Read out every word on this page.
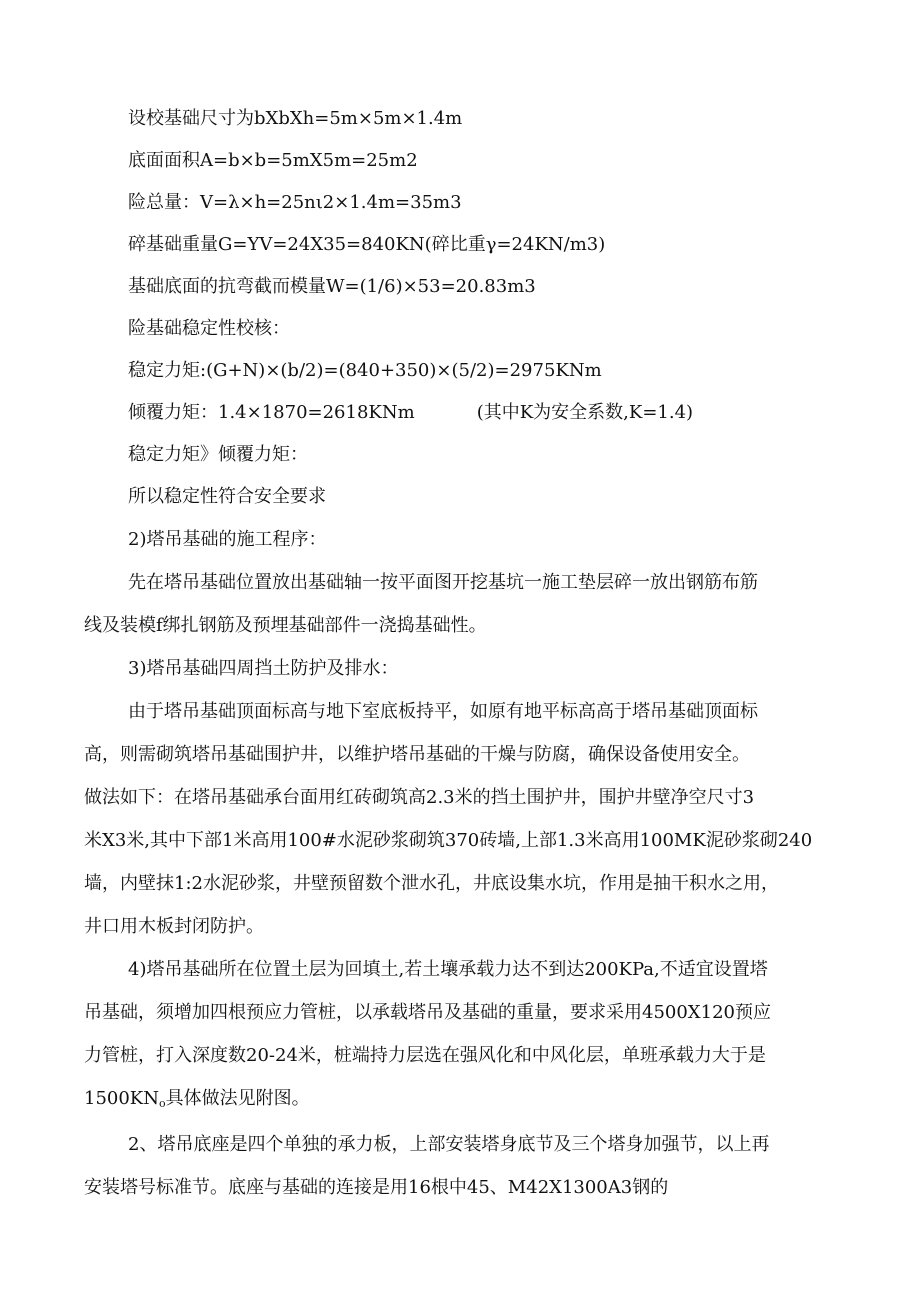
设校基础尺寸为bXbXh=5m×5m×1.4m
底面面积A=b×b=5mX5m=25m2
险总量：V=λ×h=25nι2×1.4m=35m3
碎基础重量G=YV=24X35=840KN(碎比重γ=24KN/m3)
基础底面的抗弯截而模量W=(1/6)×53=20.83m3
险基础稳定性校核：
稳定力矩:(G+N)×(b/2)=(840+350)×(5/2)=2975KNm
倾覆力矩：1.4×1870=2618KNm	(其中K为安全系数,K=1.4)
稳定力矩》倾覆力矩：
所以稳定性符合安全要求
2)塔吊基础的施工程序：
先在塔吊基础位置放出基础轴一按平面图开挖基坑一施工垫层碎一放出钢筋布筋
线及装模f绑扎钢筋及预埋基础部件一浇捣基础性。
3)塔吊基础四周挡土防护及排水：
由于塔吊基础顶面标高与地下室底板持平，如原有地平标高高于塔吊基础顶面标
高，则需砌筑塔吊基础围护井，以维护塔吊基础的干燥与防腐，确保设备使用安全。
做法如下：在塔吊基础承台面用红砖砌筑高2.3米的挡土围护井，围护井壁净空尺寸3
米X3米,其中下部1米高用100#水泥砂浆砌筑370砖墙,上部1.3米高用100MK泥砂浆砌240
墙，内壁抹1:2水泥砂浆，井壁预留数个泄水孔，井底设集水坑，作用是抽干积水之用，
井口用木板封闭防护。
4)塔吊基础所在位置土层为回填土,若土壤承载力达不到达200KPa,不适宜设置塔
吊基础，须增加四根预应力管桩，以承载塔吊及基础的重量，要求采用4500X120预应
力管桩，打入深度数20-24米，桩端持力层选在强风化和中风化层，单班承载力大于是
$1500KN_o$具体做法见附图。
2、塔吊底座是四个单独的承力板，上部安装塔身底节及三个塔身加强节，以上再
安装塔号标准节。底座与基础的连接是用16根中45、M42X1300A3钢的
